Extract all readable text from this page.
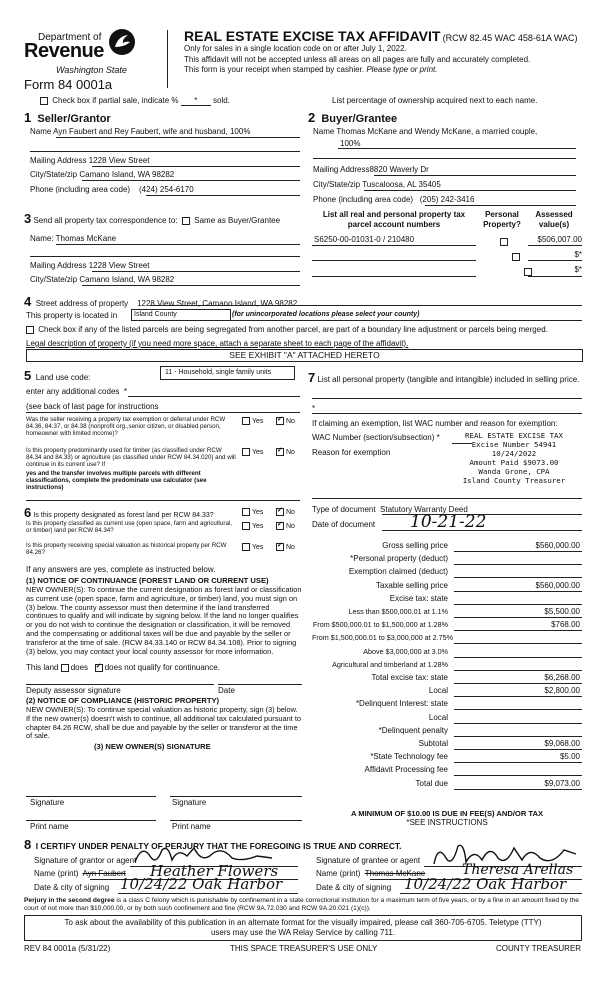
Department of
Revenue
Washington State
Form 84 0001a
REAL ESTATE EXCISE TAX AFFIDAVIT (RCW 82.45 WAC 458-61A WAC)
Only for sales in a single location code on or after July 1, 2022.
This affidavit will not be accepted unless all areas on all pages are fully and accurately completed.
This form is your receipt when stamped by cashier. Please type or print.
Check box if partial sale, indicate % * sold.	List percentage of ownership acquired next to each name.
1 Seller/Grantor
Name Ayn Faubert and Rey Faubert, wife and husband, 100%
Mailing Address 1228 View Street
City/State/zip Camano Island, WA 98282
Phone (including area code) (424) 254-6170
2 Buyer/Grantee
Name Thomas McKane and Wendy McKane, a married couple,
100%
Mailing Address8820 Waverly Dr
City/State/zip Tuscaloosa, AL 35405
Phone (including area code) (205) 242-3416
3 Send all property tax correspondence to: Same as Buyer/Grantee
Name: Thomas McKane
Mailing Address 1228 View Street
City/State/zip Camano Island, WA 98282
List all real and personal property tax parcel account numbers
Personal Property?
Assessed value(s)
S6250-00-01031-0 / 210480
	$506,007.00

$*
$*
4 Street address of property 1228 View Street, Camano Island, WA 98282
This property is located in Island County	(for unincorporated locations please select your county)
Check box if any of the listed parcels are being segregated from another parcel, are part of a boundary line adjustment or parcels being merged.
Legal description of property (if you need more space, attach a separate sheet to each page of the affidavit).
SEE EXHIBIT "A" ATTACHED HERETO
5 Land use code:
11 - Household, single family units
enter any additional codes *
(see back of last page for instructions
Was the seller receiving a property tax exemption or deferral under RCW 84.36, 84.37, or 84.38 (nonprofit org.,senior citizen, or disabled person, homeowner with limited income)?
Yes ✓	No
Is this property predominantly used for timber (as classified under RCW 84.34 and 84.33) or agriculture (as classified under RCW 84.34.020) and will continue in its current use? If
yes and the transfer involves multiple parcels with different classifications, complete the predominate use calculator (see instructions)
Yes ✓	No
6 Is this property designated as forest land per RCW 84.33?	Yes ✓	No
Is this property classified as current use (open space, farm and agricultural, or timber) land per RCW 84.34?
Yes ✓	No
Is this property receiving special valuation as historical property per RCW 84.26?
Yes ✓	No
If any answers are yes, complete as instructed below.
(1) NOTICE OF CONTINUANCE (FOREST LAND OR CURRENT USE)
NEW OWNER(S): To continue the current designation as forest land or classification as current use (open space, farm and agriculture, or timber) land, you must sign on (3) below. The county assessor must then determine if the land transferred continues to qualify and will indicate by signing below. If the land no longer qualifies or you do not wish to continue the designation or classification, it will be removed and the compensating or additional taxes will be due and payable by the seller or transferor at the time of sale. (RCW 84.33.140 or RCW 84.34.108). Prior to signing (3) below, you may contact your local county assessor for more information.
This land does ✓ does not qualify for continuance.
Deputy assessor signature	Date
(2) NOTICE OF COMPLIANCE (HISTORIC PROPERTY)
NEW OWNER(S): To continue special valuation as historic property, sign (3) below. If the new owner(s) doesn't wish to continue, all additional tax calculated pursuant to chapter 84.26 RCW, shall be due and payable by the seller or transferor at the time of sale.
(3) NEW OWNER(S) SIGNATURE
Signature	Signature
Print name	Print name
7 List all personal property (tangible and intangible) included in selling price.
*
If claiming an exemption, list WAC number and reason for exemption:
WAC Number (section/subsection) *
Reason for exemption
REAL ESTATE EXCISE TAX
Excise Number 54941
10/24/2022
Amount Paid $9073.00
Wanda Grone, CPA
Island County Treasurer
Type of document Statutory Warranty Deed
Date of document 10-21-22
Gross selling price	$560,000.00
*Personal property (deduct)
Exemption claimed (deduct)
Taxable selling price	$560,000.00
Excise tax: state
Less than $500,000.01 at 1.1%	$5,500.00
From $500,000.01 to $1,500,000 at 1.28%	$768.00
From $1,500,000.01 to $3,000,000 at 2.75%
Above $3,000,000 at 3.0%
Agricultural and timberland at 1.28%
Total excise tax: state	$6,268.00
Local	$2,800.00
*Delinquent Interest: state
Local
*Delinquent penalty
Subtotal	$9,068.00
*State Technology fee	$5.00
Affidavit Processing fee
Total due	$9,073.00
A MINIMUM OF $10.00 IS DUE IN FEE(S) AND/OR TAX
*SEE INSTRUCTIONS
8 I CERTIFY UNDER PENALTY OF PERJURY THAT THE FOREGOING IS TRUE AND CORRECT.
Signature of grantor or agent	Signature of grantee or agent
Name (print) Ayn Faubert Heather Flowers	Name (print) Thomas McKane	Theresa Arellas
Date & city of signing 10/24/22 Oak Harbor	Date & city of signing 10/24/22 Oak Harbor
Perjury in the second degree is a class C felony which is punishable by confinement in a state correctional institution for a maximum term of five years, or by a fine in an amount fixed by the court of not more than $10,000.00, or by both such confinement and fine (RCW 9A.72.030 and RCW 9A.20.021 (1)(c)).
To ask about the availability of this publication in an alternate format for the visually impaired, please call 360-705-6705. Teletype (TTY) users may use the WA Relay Service by calling 711.
REV 84 0001a (5/31/22)	THIS SPACE TREASURER'S USE ONLY	COUNTY TREASURER
